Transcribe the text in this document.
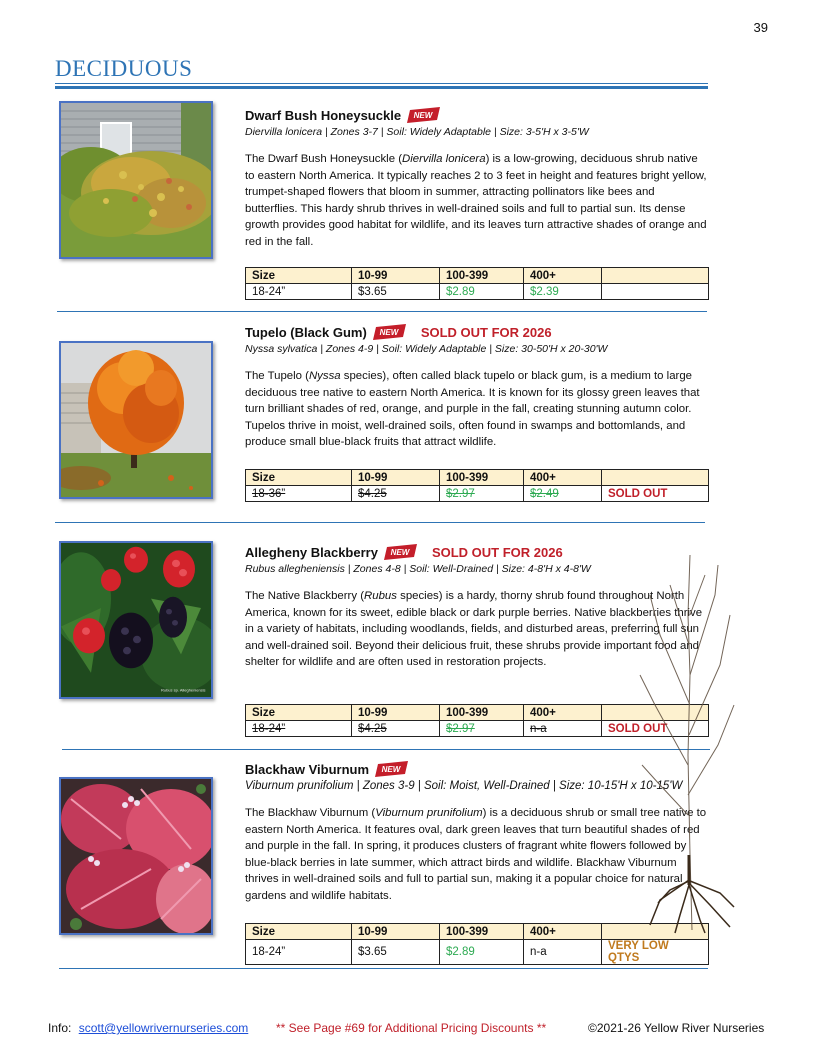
39
DECIDUOUS
Dwarf Bush Honeysuckle NEW
Diervilla lonicera | Zones 3-7 | Soil: Widely Adaptable | Size: 3-5'H x 3-5'W
The Dwarf Bush Honeysuckle (Diervilla lonicera) is a low-growing, deciduous shrub native to eastern North America. It typically reaches 2 to 3 feet in height and features bright yellow, trumpet-shaped flowers that bloom in summer, attracting pollinators like bees and butterflies. This hardy shrub thrives in well-drained soils and full to partial sun. Its dense growth provides good habitat for wildlife, and its leaves turn attractive shades of orange and red in the fall.
Size	10-99	100-399	400+	
18-24”	$3.65	$2.89	$2.39	
Tupelo (Black Gum) NEW SOLD OUT FOR 2026
Nyssa sylvatica | Zones 4-9 | Soil: Widely Adaptable | Size: 30-50'H x 20-30'W
The Tupelo (Nyssa species), often called black tupelo or black gum, is a medium to large deciduous tree native to eastern North America. It is known for its glossy green leaves that turn brilliant shades of red, orange, and purple in the fall, creating stunning autumn color. Tupelos thrive in moist, well-drained soils, often found in swamps and bottomlands, and produce small blue-black fruits that attract wildlife.
Size	10-99	100-399	400+	
18-36”	$4.25	$2.97	$2.49	SOLD OUT
Rubus sp. Allegheniensis
Allegheny Blackberry NEW SOLD OUT FOR 2026
Rubus allegheniensis | Zones 4-8 | Soil: Well-Drained | Size: 4-8'H x 4-8'W
The Native Blackberry (Rubus species) is a hardy, thorny shrub found throughout North America, known for its sweet, edible black or dark purple berries. Native blackberries thrive in a variety of habitats, including woodlands, fields, and disturbed areas, preferring full sun and well-drained soil. Beyond their delicious fruit, these shrubs provide important food and shelter for wildlife and are often used in restoration projects.
Size	10-99	100-399	400+	
18-24”	$4.25	$2.97	n-a	SOLD OUT
Blackhaw Viburnum NEW
Viburnum prunifolium | Zones 3-9 | Soil: Moist, Well-Drained | Size: 10-15'H x 10-15'W
The Blackhaw Viburnum (Viburnum prunifolium) is a deciduous shrub or small tree native to eastern North America. It features oval, dark green leaves that turn beautiful shades of red and purple in the fall. In spring, it produces clusters of fragrant white flowers followed by blue-black berries in late summer, which attract birds and wildlife. Blackhaw Viburnum thrives in well-drained soils and full to partial sun, making it a popular choice for natural gardens and wildlife habitats.
Size	10-99	100-399	400+	
18-24”	$3.65	$2.89	n-a	VERY LOW QTYS
Info: scott@yellowrivernurseries.com ** See Page #69 for Additional Pricing Discounts **	©2021-26 Yellow River Nurseries
